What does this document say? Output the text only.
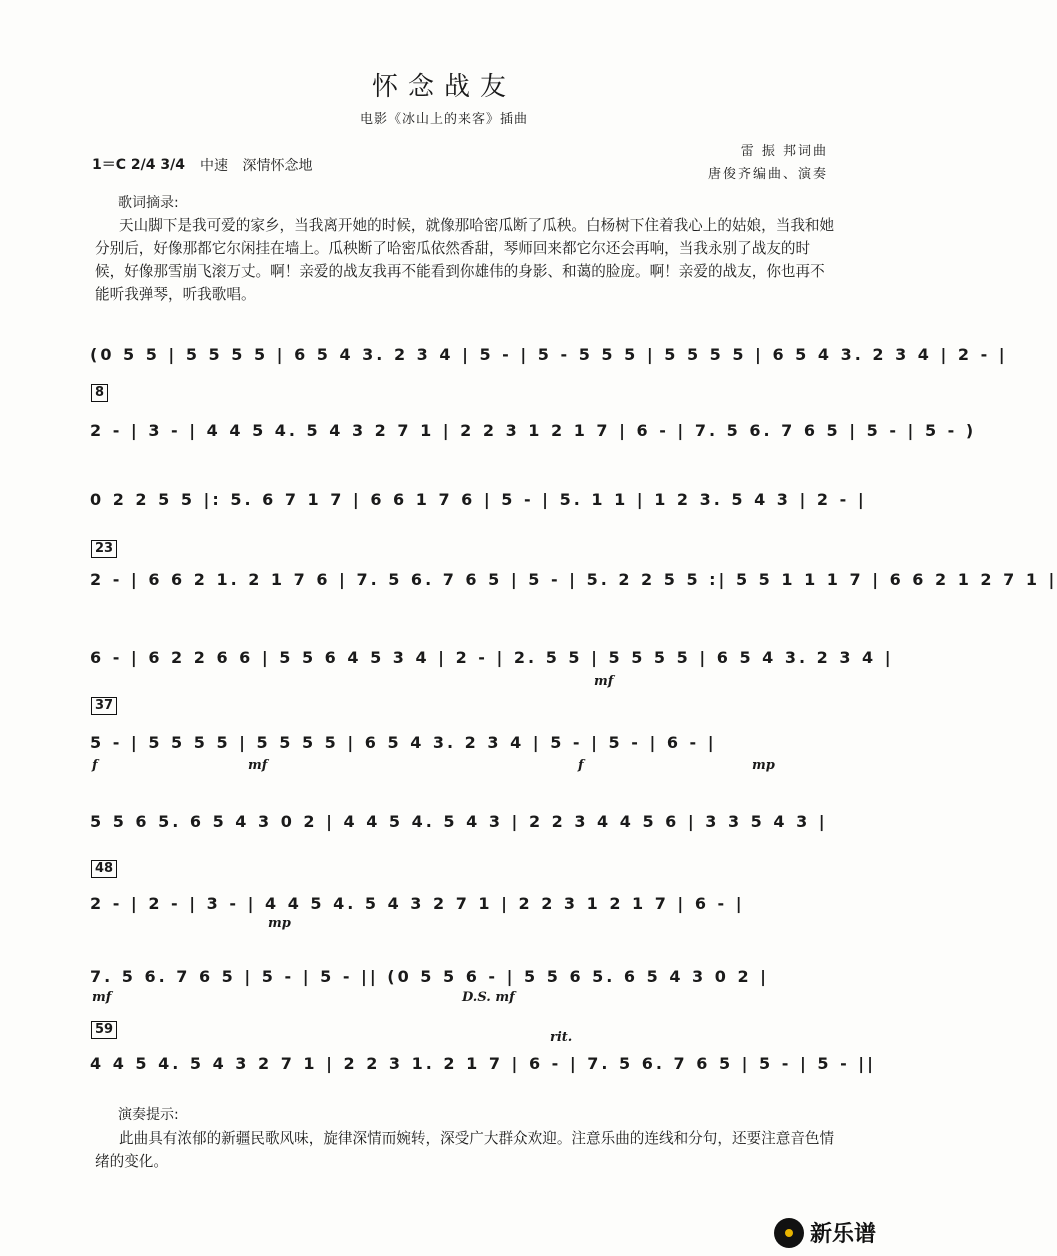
怀念战友
电影《冰山上的来客》插曲
雷 振 邦词曲
唐俊齐编曲、演奏
1＝C 2/4 3/4 中速 深情怀念地
歌词摘录:
天山脚下是我可爱的家乡，当我离开她的时候，就像那哈密瓜断了瓜秧。白杨树下住着我心上的姑娘，当我和她分别后，好像那都它尔闲挂在墙上。瓜秧断了哈密瓜依然香甜，琴师回来都它尔还会再响，当我永别了战友的时候，好像那雪崩飞滚万丈。啊！亲爱的战友我再不能看到你雄伟的身影、和蔼的脸庞。啊！亲爱的战友，你也再不能听我弹琴，听我歌唱。
(0 5 5 | 5 5 5 5 | 6 5 4 3. 2 3 4 | 5 - | 5 - 5 5 5 | 5 5 5 5 | 6 5 4 3. 2 3 4 | 2 - |
8
2 - | 3 - | 4 4 5 4. 5 4 3 2 7 1 | 2 2 3 1 2 1 7 | 6 - | 7. 5 6. 7 6 5 | 5 - | 5 - )
0 2 2 5 5 |: 5. 6 7 1 7 | 6 6 1 7 6 | 5 - | 5. 1 1 | 1 2 3. 5 4 3 | 2 - |
23
2 - | 6 6 2 1. 2 1 7 6 | 7. 5 6. 7 6 5 | 5 - | 5. 2 2 5 5 :| 5 5 1 1 1 7 | 6 6 2 1 2 7 1 |
6 - | 6 2 2 6 6 | 5 5 6 4 5 3 4 | 2 - | 2. 5 5 | 5 5 5 5 | 6 5 4 3. 2 3 4 |
mf
37
5 - | 5 5 5 5 | 5 5 5 5 | 6 5 4 3. 2 3 4 | 5 - | 5 - | 6 - |
f	mf	f	mp
5 5 6 5. 6 5 4 3 0 2 | 4 4 5 4. 5 4 3 | 2 2 3 4 4 5 6 | 3 3 5 4 3 |
48
2 - | 2 - | 3 - | 4 4 5 4. 5 4 3 2 7 1 | 2 2 3 1 2 1 7 | 6 - |
mp
7. 5 6. 7 6 5 | 5 - | 5 - || (0 5 5 6 - | 5 5 6 5. 6 5 4 3 0 2 |
mf	D.S. mf
59
4 4 5 4. 5 4 3 2 7 1 | 2 2 3 1. 2 1 7 | 6 - | 7. 5 6. 7 6 5 | 5 - | 5 - ||
rit.
演奏提示:
此曲具有浓郁的新疆民歌风味，旋律深情而婉转，深受广大群众欢迎。注意乐曲的连线和分句，还要注意音色情绪的变化。
新乐谱
